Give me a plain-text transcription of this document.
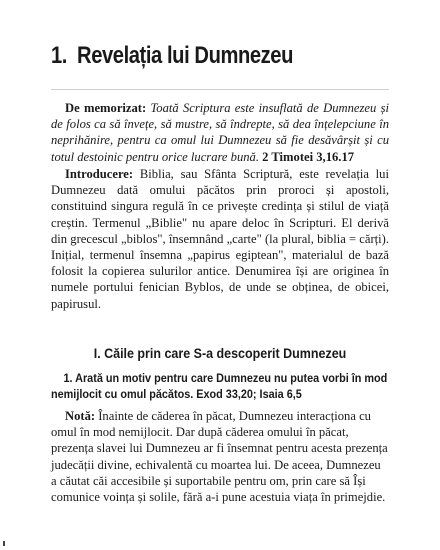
1. Revelația lui Dumnezeu

De memorizat: Toată Scriptura este insuflată de Dumnezeu și de folos ca să învețe, să mustre, să îndrepte, să dea înțelepciune în neprihănire, pentru ca omul lui Dumnezeu să fie desăvârșit și cu totul destoinic pentru orice lucrare bună. 2 Timotei 3,16.17

Introducere: Biblia, sau Sfânta Scriptură, este revelația lui Dumnezeu dată omului păcătos prin proroci și apostoli, constituind singura regulă în ce privește credința și stilul de viață creștin. Termenul „Biblie" nu apare deloc în Scripturi. El derivă din grecescul „biblos", însemnând „carte" (la plural, biblia = cărți). Inițial, termenul însemna „papirus egiptean", materialul de bază folosit la copierea sulurilor antice. Denumirea își are originea în numele portului fenician Byblos, de unde se obținea, de obicei, papirusul.

I. Căile prin care S-a descoperit Dumnezeu

1. Arată un motiv pentru care Dumnezeu nu putea vorbi în mod nemijlocit cu omul păcătos. Exod 33,20; Isaia 6,5

Notă: Înainte de căderea în păcat, Dumnezeu interacționa cu omul în mod nemijlocit. Dar după căderea omului în păcat, prezența slavei lui Dumnezeu ar fi însemnat pentru acesta prezența judecății divine, echivalentă cu moartea lui. De aceea, Dumnezeu a căutat căi accesibile și suportabile pentru om, prin care să Își comunice voința și solile, fără a-i pune acestuia viața în primejdie.
